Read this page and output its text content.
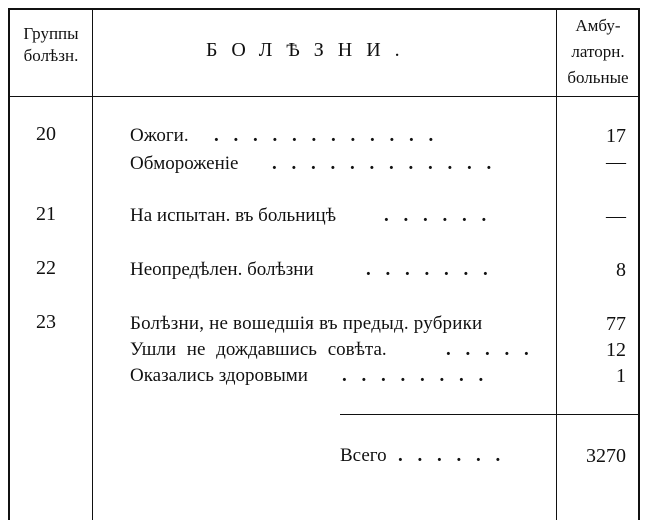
Группы
болѣзн.	БОЛѢЗНИ.
Амбу-
латорн.
больные
20	Ожоги. . . . . . . . . . . . .	17
Обмороженіе . . . . . . . . . . . .	—
21	На испытан. въ больницѣ	. . . . . .	—
22	Неопредѣлен. болѣзни	. . . . . . .	8
23	Болѣзни, не вошедшія въ предыд. рубрики	77
Ушли не дождавшись совѣта.	. . . . .	12
Оказались здоровыми . . . . . . . .	1
Всего . . . . . .	3270
